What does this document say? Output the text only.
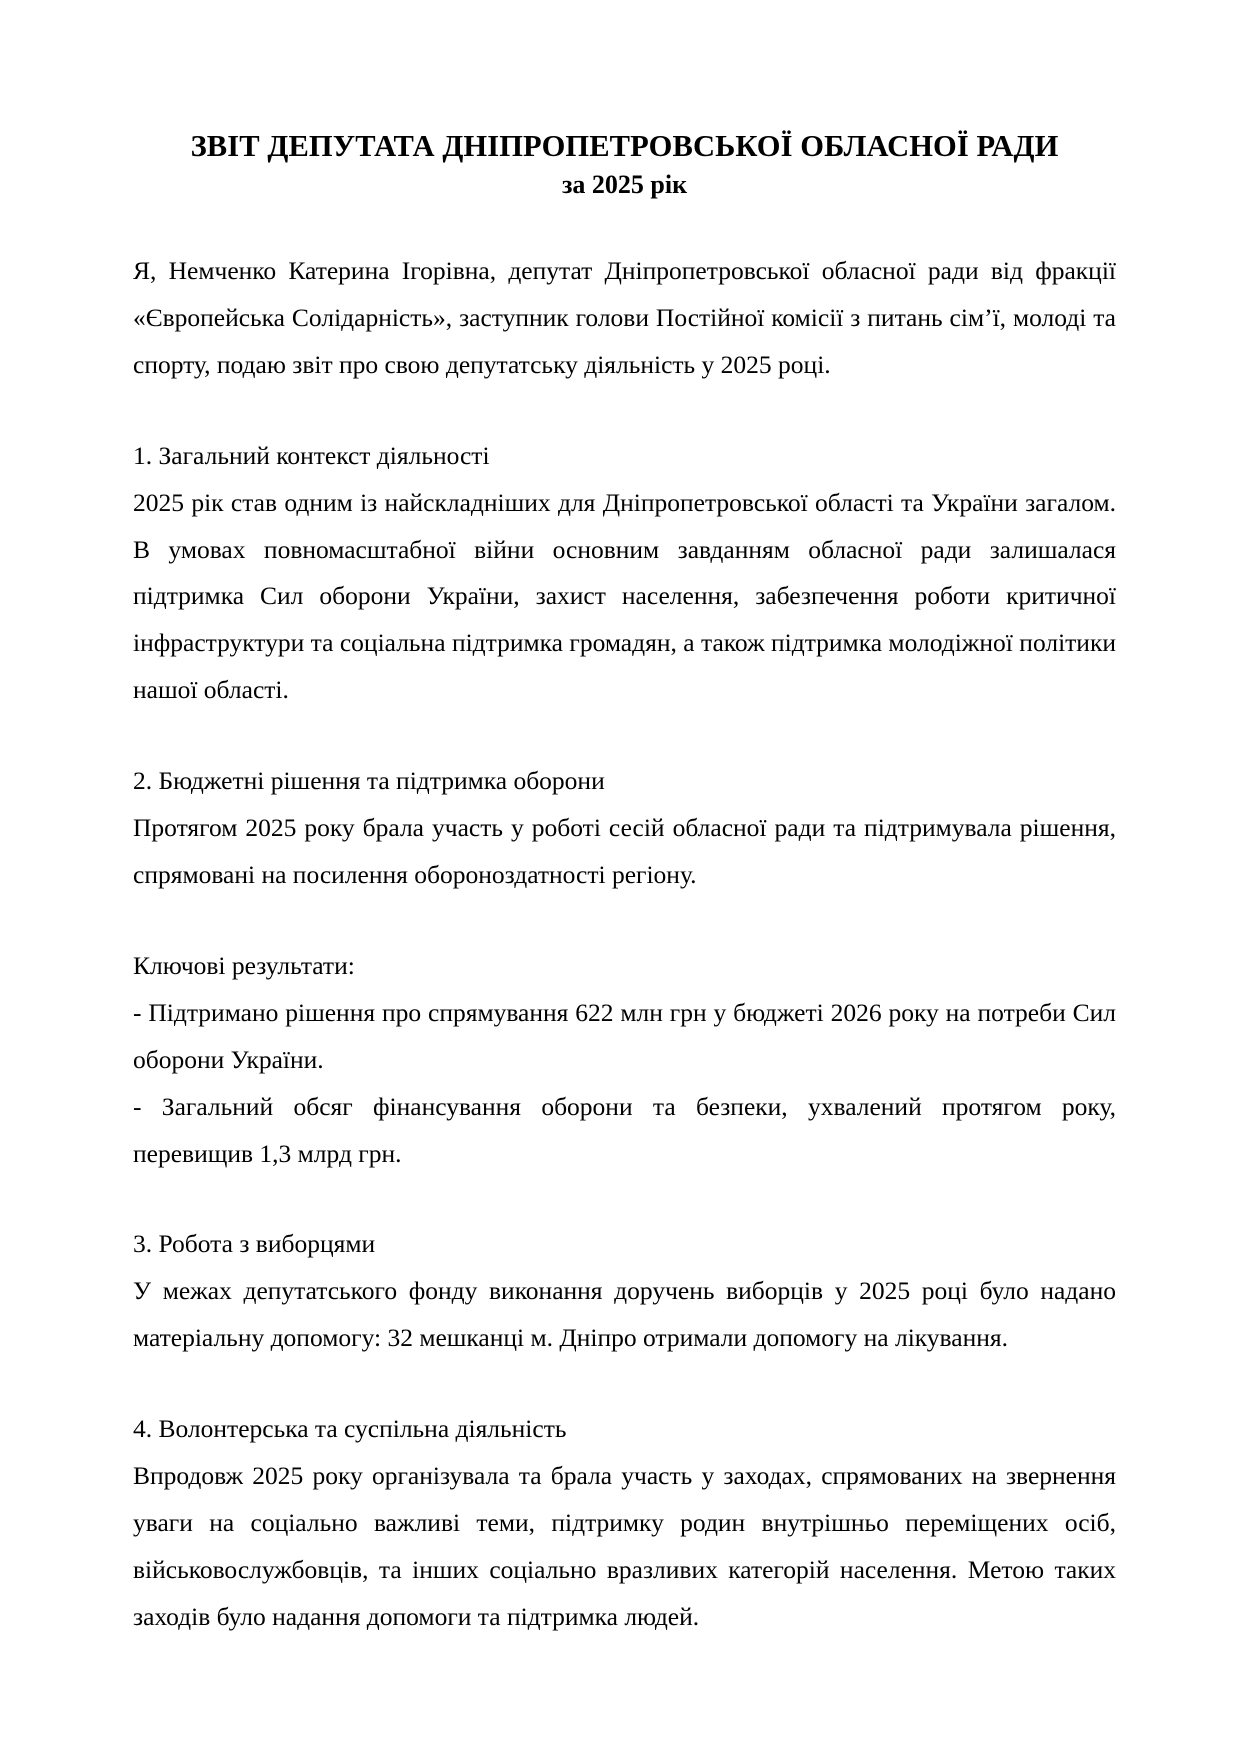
ЗВІТ ДЕПУТАТА ДНІПРОПЕТРОВСЬКОЇ ОБЛАСНОЇ РАДИ
за 2025 рік

Я, Немченко Катерина Ігорівна, депутат Дніпропетровської обласної ради від фракції «Європейська Солідарність», заступник голови Постійної комісії з питань сім’ї, молоді та спорту, подаю звіт про свою депутатську діяльність у 2025 році.

1. Загальний контекст діяльності

2025 рік став одним із найскладніших для Дніпропетровської області та України загалом. В умовах повномасштабної війни основним завданням обласної ради залишалася підтримка Сил оборони України, захист населення, забезпечення роботи критичної інфраструктури та соціальна підтримка громадян, а також підтримка молодіжної політики нашої області.

2. Бюджетні рішення та підтримка оборони

Протягом 2025 року брала участь у роботі сесій обласної ради та підтримувала рішення, спрямовані на посилення обороноздатності регіону.

Ключові результати:

- Підтримано рішення про спрямування 622 млн грн у бюджеті 2026 року на потреби Сил оборони України.

- Загальний обсяг фінансування оборони та безпеки, ухвалений протягом року, перевищив 1,3 млрд грн.

3. Робота з виборцями

У межах депутатського фонду виконання доручень виборців у 2025 році було надано матеріальну допомогу: 32 мешканці м. Дніпро отримали допомогу на лікування.

4. Волонтерська та суспільна діяльність

Впродовж 2025 року організувала та брала участь у заходах, спрямованих на звернення уваги на соціально важливі теми, підтримку родин внутрішньо переміщених осіб, військовослужбовців, та інших соціально вразливих категорій населення. Метою таких заходів було надання допомоги та підтримка людей.
